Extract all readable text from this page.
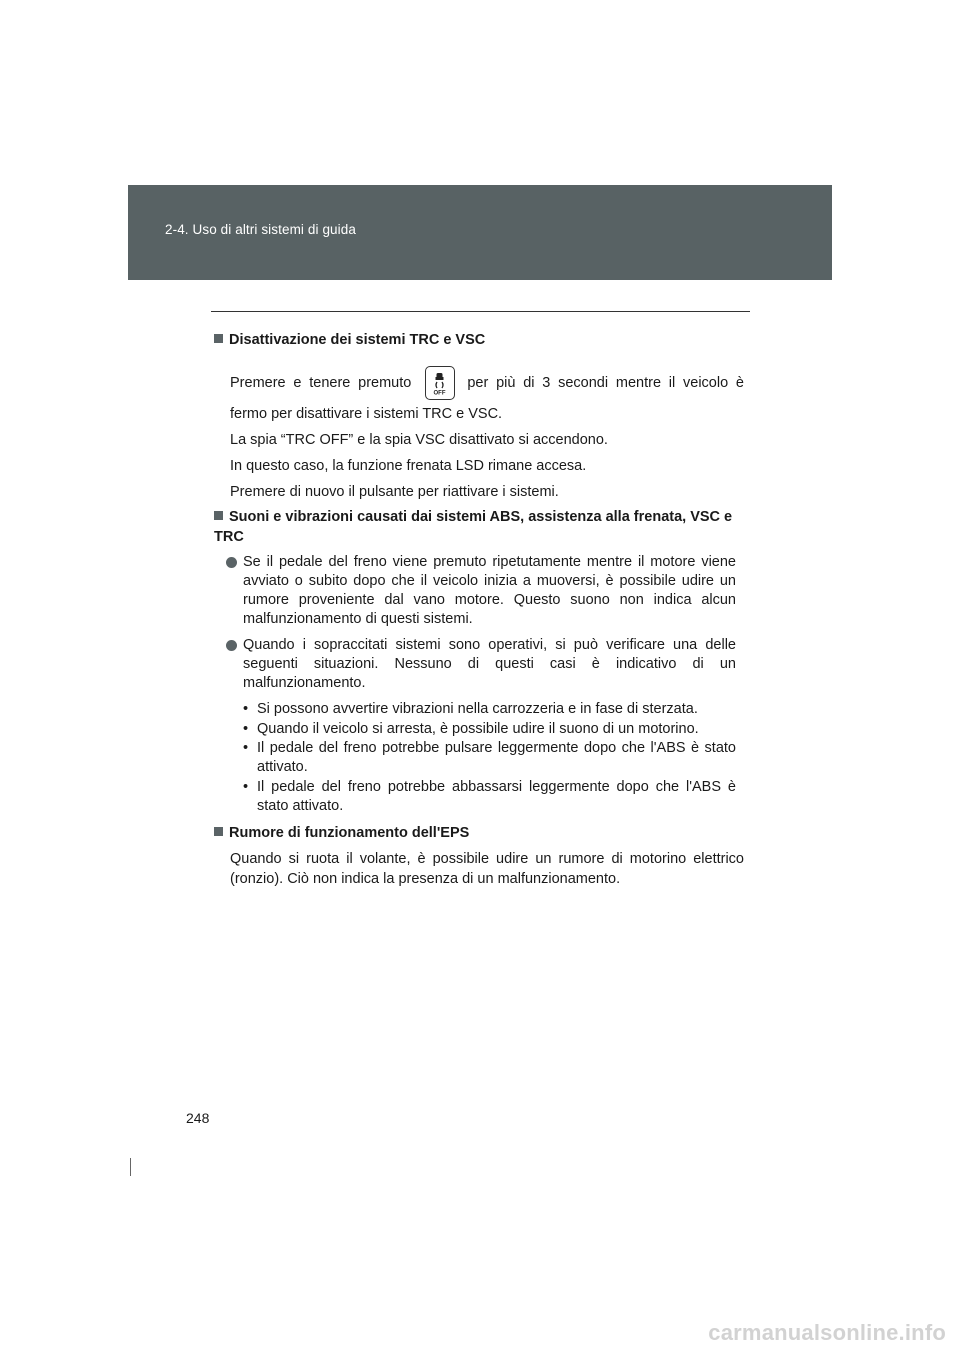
2-4. Uso di altri sistemi di guida
Disattivazione dei sistemi TRC e VSC
Premere e tenere premuto
OFF
per più di 3 secondi mentre il veicolo è
fermo per disattivare i sistemi TRC e VSC.
La spia “TRC OFF” e la spia VSC disattivato si accendono.
In questo caso, la funzione frenata LSD rimane accesa.
Premere di nuovo il pulsante per riattivare i sistemi.
Suoni e vibrazioni causati dai sistemi ABS, assistenza alla frenata, VSC e TRC
Se il pedale del freno viene premuto ripetutamente mentre il motore viene avviato o subito dopo che il veicolo inizia a muoversi, è possibile udire un rumore proveniente dal vano motore. Questo suono non indica alcun malfunzionamento di questi sistemi.
Quando i sopraccitati sistemi sono operativi, si può verificare una delle seguenti situazioni. Nessuno di questi casi è indicativo di un malfunzionamento.
• Si possono avvertire vibrazioni nella carrozzeria e in fase di sterzata.
• Quando il veicolo si arresta, è possibile udire il suono di un motorino.
• Il pedale del freno potrebbe pulsare leggermente dopo che l'ABS è stato attivato.
• Il pedale del freno potrebbe abbassarsi leggermente dopo che l'ABS è stato attivato.
Rumore di funzionamento dell'EPS
Quando si ruota il volante, è possibile udire un rumore di motorino elettrico (ronzio). Ciò non indica la presenza di un malfunzionamento.
248
carmanualsonline.info
